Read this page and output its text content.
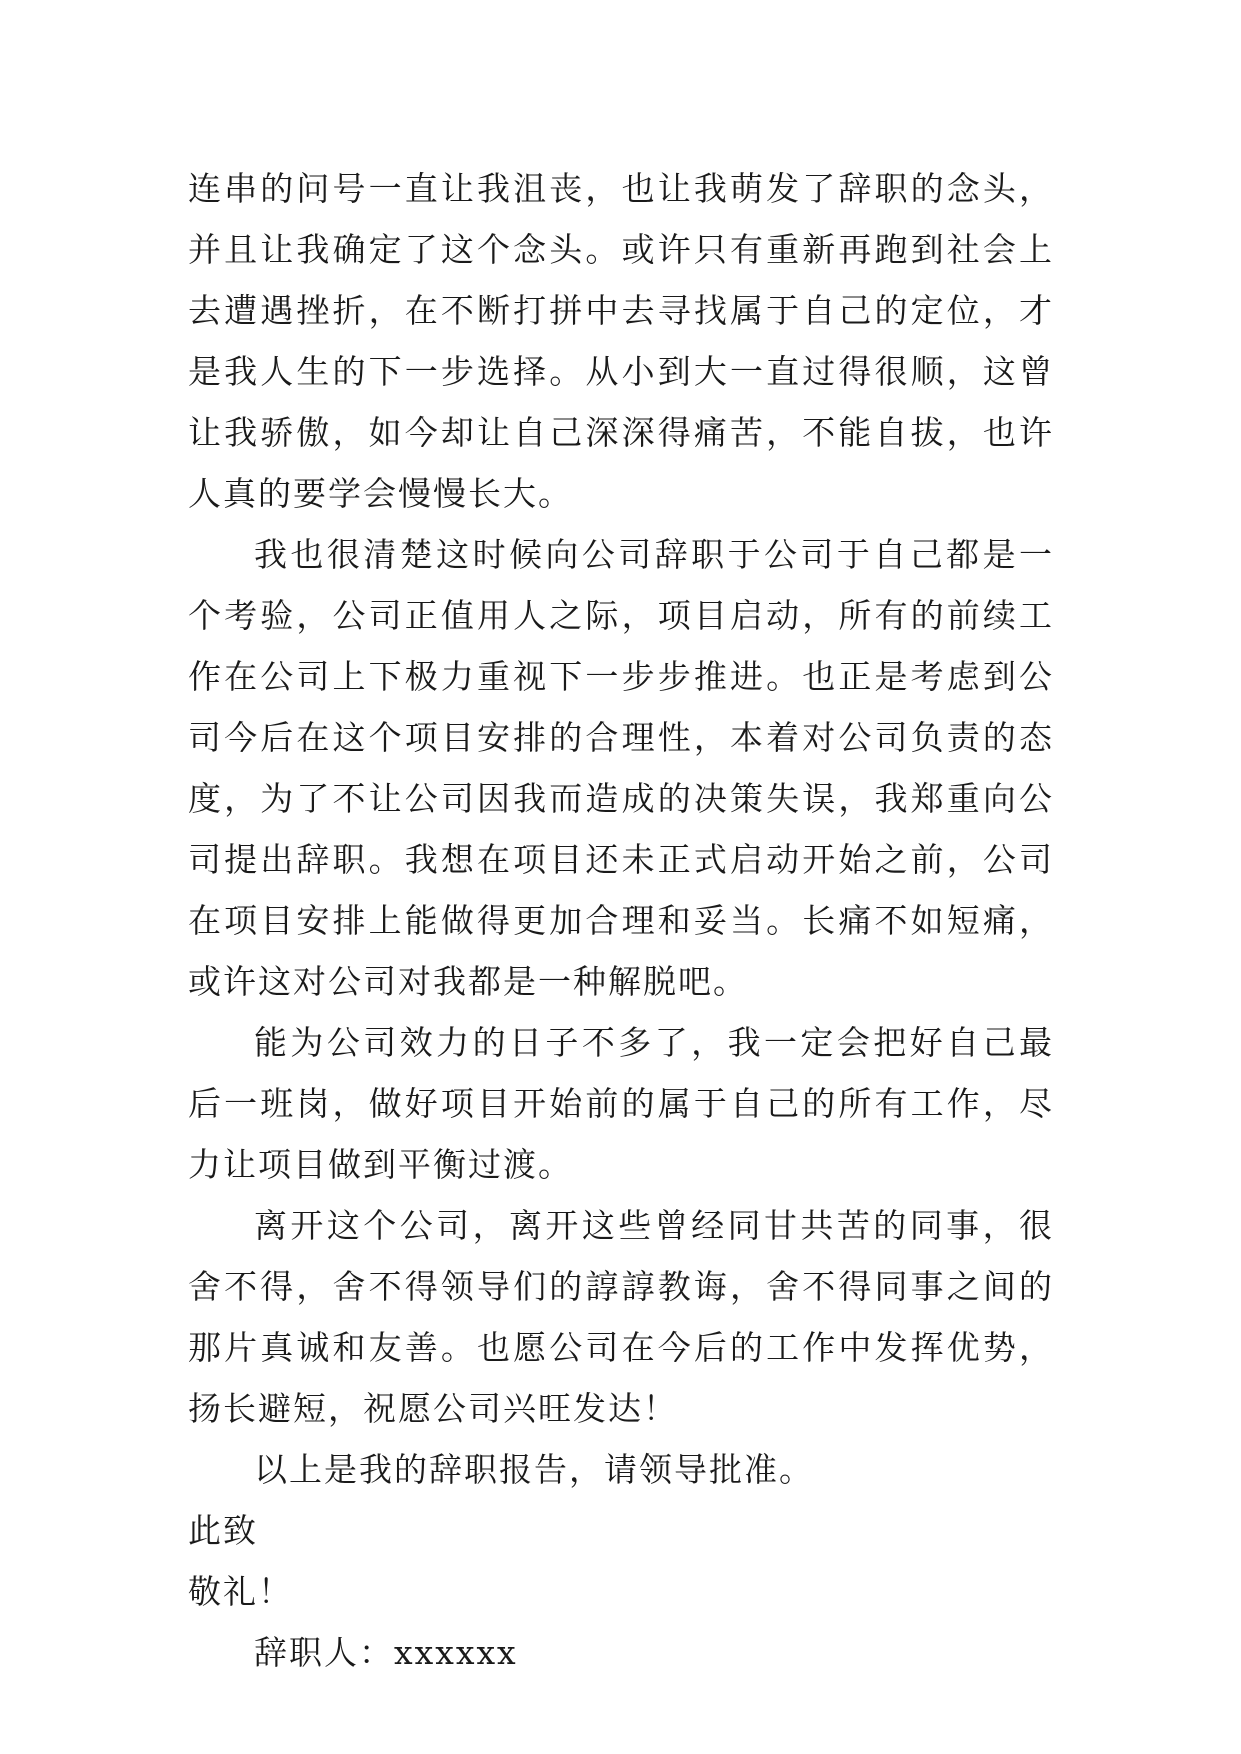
连串的问号一直让我沮丧，也让我萌发了辞职的念头，并且让我确定了这个念头。或许只有重新再跑到社会上去遭遇挫折，在不断打拼中去寻找属于自己的定位，才是我人生的下一步选择。从小到大一直过得很顺，这曾让我骄傲，如今却让自己深深得痛苦，不能自拔，也许人真的要学会慢慢长大。

我也很清楚这时候向公司辞职于公司于自己都是一个考验，公司正值用人之际，项目启动，所有的前续工作在公司上下极力重视下一步步推进。也正是考虑到公司今后在这个项目安排的合理性，本着对公司负责的态度，为了不让公司因我而造成的决策失误，我郑重向公司提出辞职。我想在项目还未正式启动开始之前，公司在项目安排上能做得更加合理和妥当。长痛不如短痛，或许这对公司对我都是一种解脱吧。

能为公司效力的日子不多了，我一定会把好自己最后一班岗，做好项目开始前的属于自己的所有工作，尽力让项目做到平衡过渡。

离开这个公司，离开这些曾经同甘共苦的同事，很舍不得，舍不得领导们的諄諄教诲，舍不得同事之间的那片真诚和友善。也愿公司在今后的工作中发挥优势，扬长避短，祝愿公司兴旺发达！

以上是我的辞职报告，请领导批准。

此致

敬礼！

辞职人：xxxxxx
